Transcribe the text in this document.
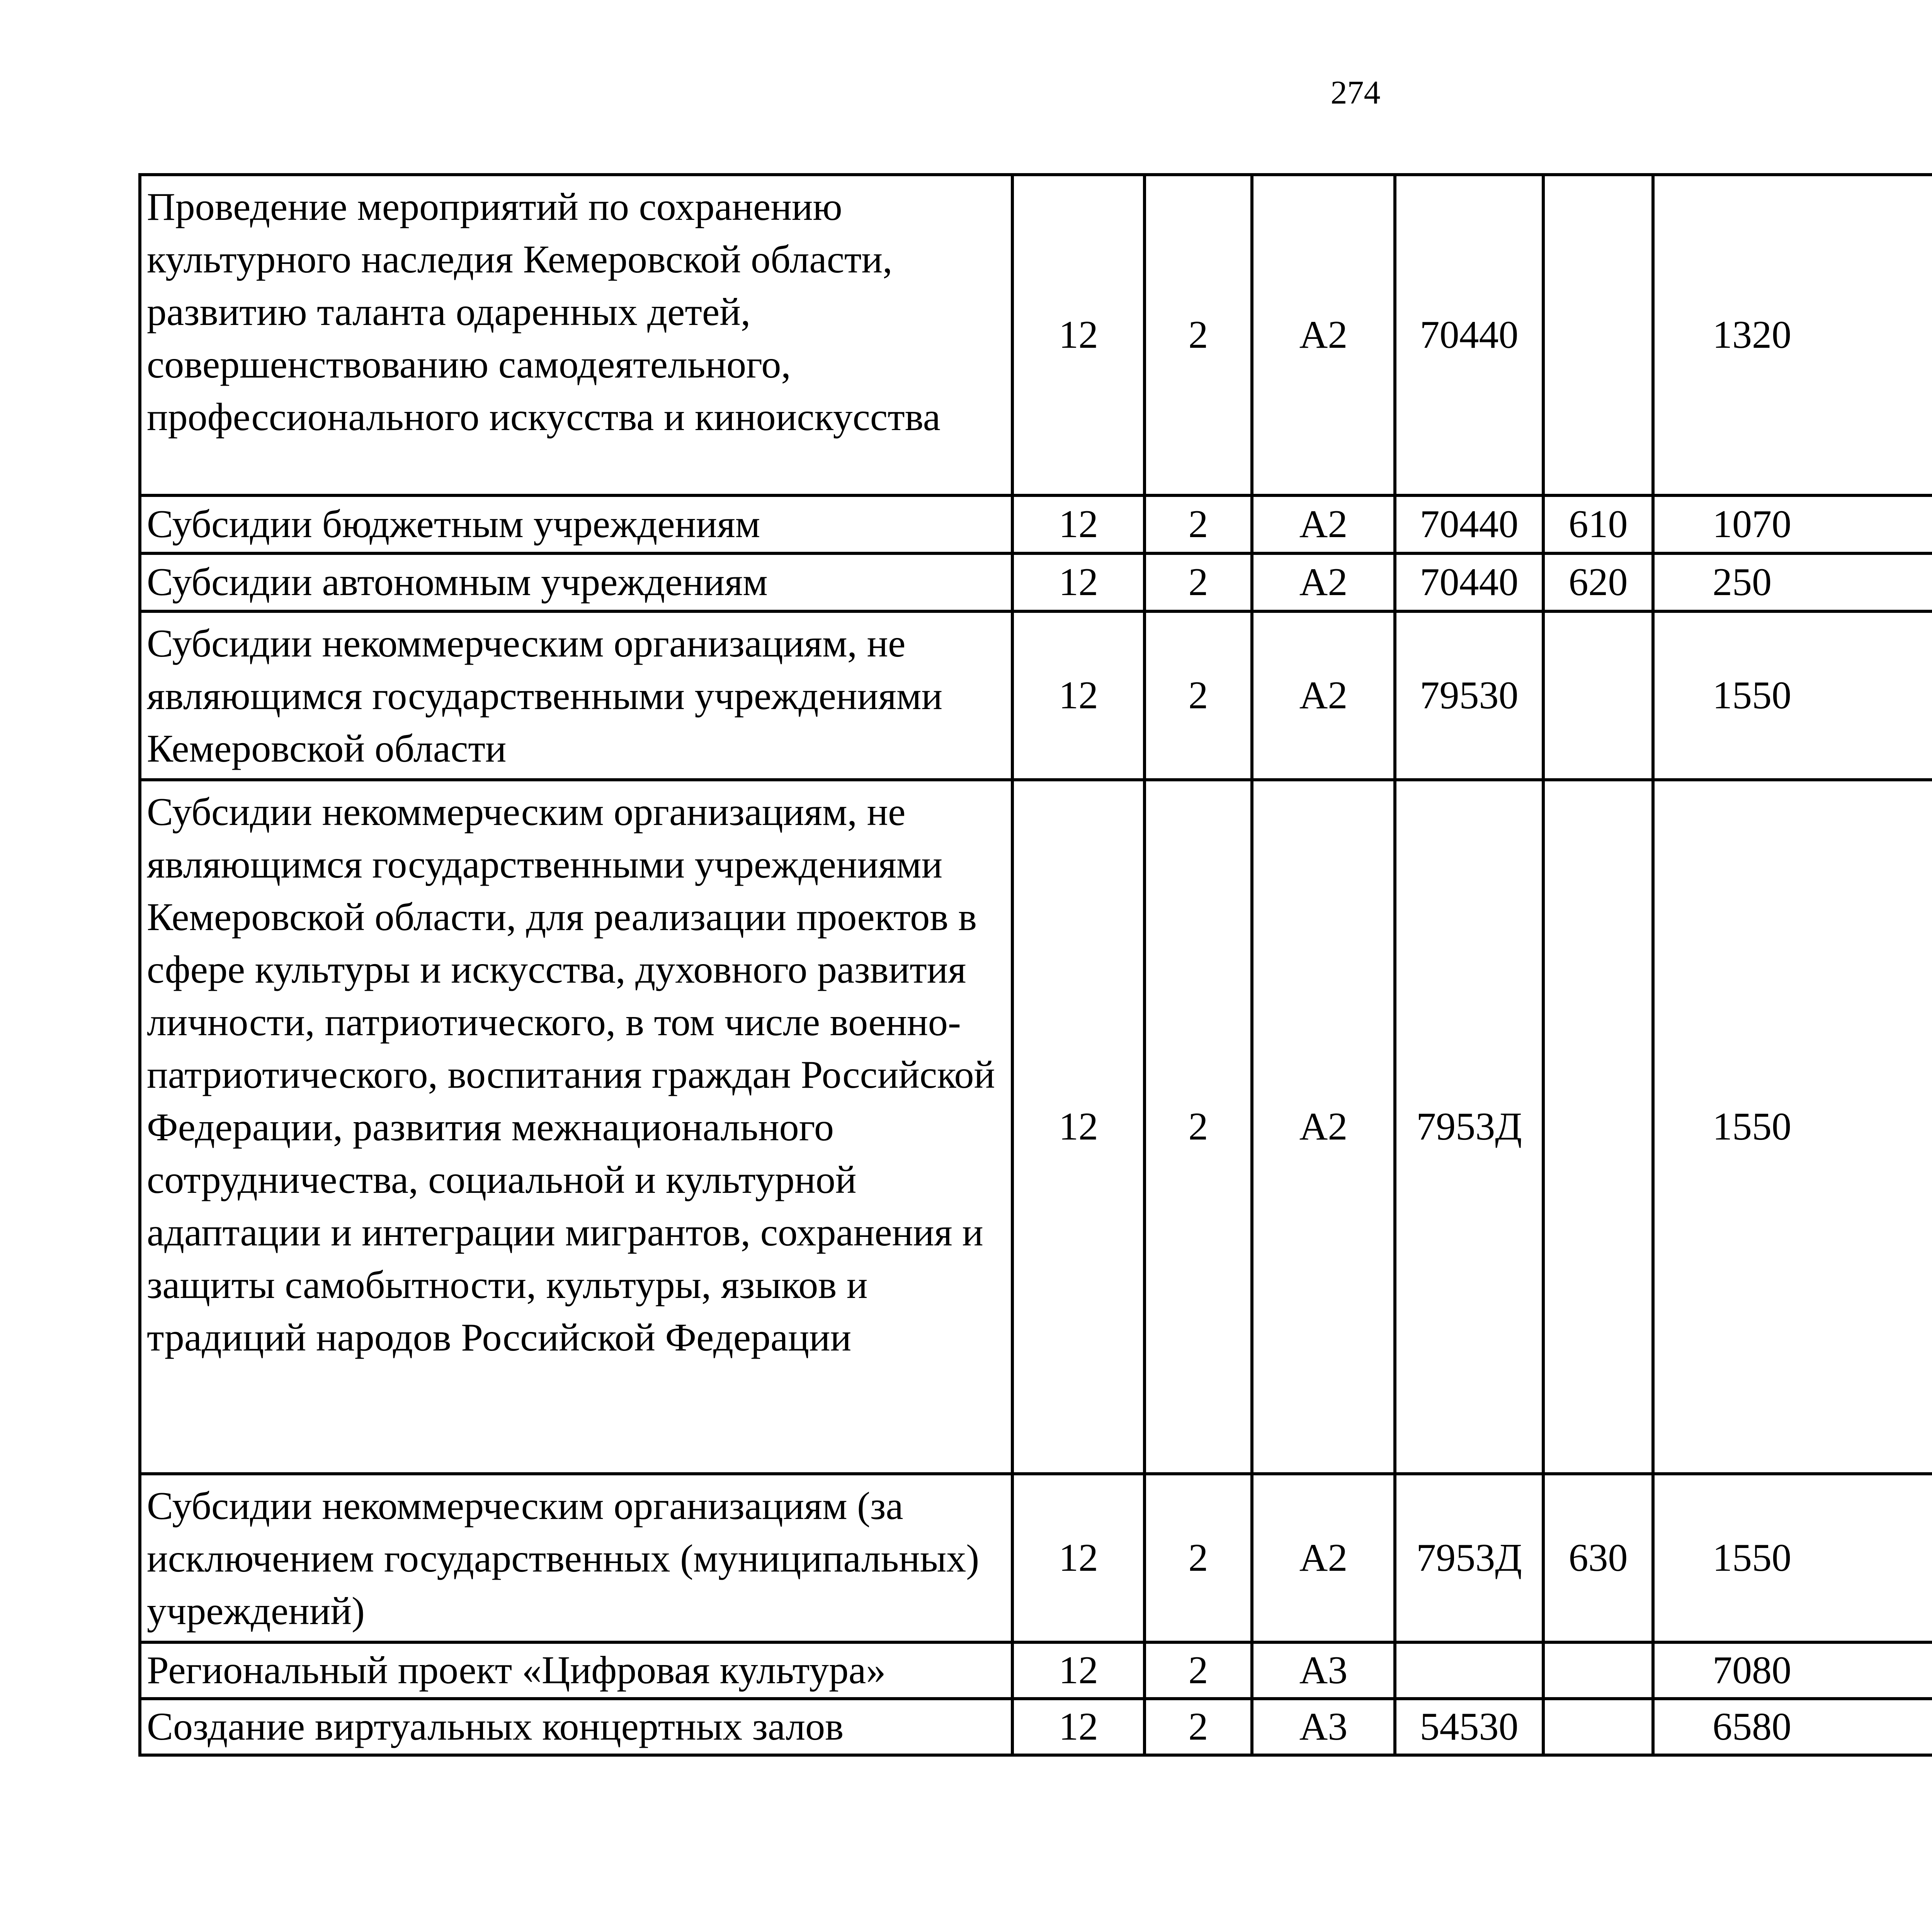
274
Проведение мероприятий по сохранению культурного наследия Кемеровской области, развитию таланта одаренных детей, совершенствованию самодеятельного, профессионального искусства и киноискусства	12	2	А2	70440		1320		
Субсидии бюджетным учреждениям	12	2	А2	70440	610	1070		
Субсидии автономным учреждениям	12	2	А2	70440	620	250		
Субсидии некоммерческим организациям, не являющимся государственными учреждениями Кемеровской области	12	2	А2	79530		1550		
Субсидии некоммерческим организациям, не являющимся государственными учреждениями Кемеровской области, для реализации проектов в сфере культуры и искусства, духовного развития личности, патриотического, в том числе военно-патриотического, воспитания граждан Российской Федерации, развития межнационального сотрудничества, социальной и культурной адаптации и интеграции мигрантов, сохранения и защиты самобытности, культуры, языков и традиций народов Российской Федерации	12	2	А2	7953Д		1550		
Субсидии некоммерческим организациям (за исключением государственных (муниципальных) учреждений)	12	2	А2	7953Д	630	1550		
Региональный проект «Цифровая культура»	12	2	А3			7080		
Создание виртуальных концертных залов	12	2	А3	54530		6580		
